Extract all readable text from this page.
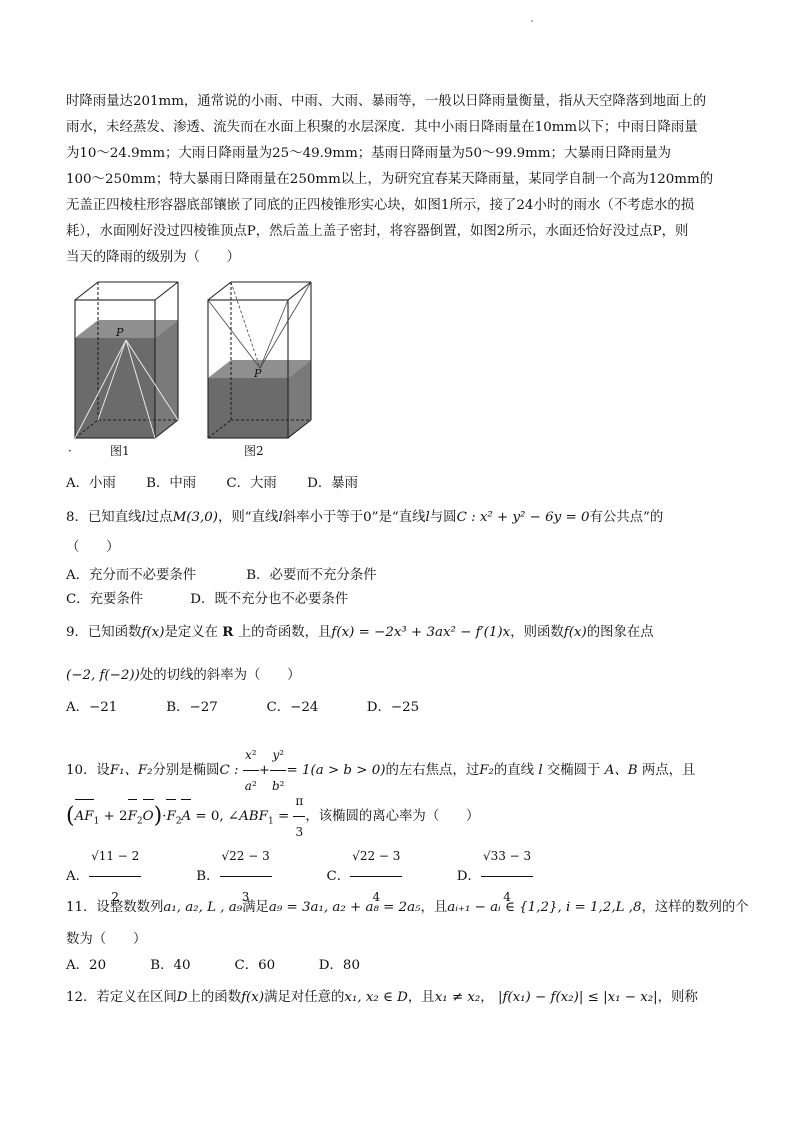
时降雨量达201mm，通常说的小雨、中雨、大雨、暴雨等，一般以日降雨量衡量，指从天空降落到地面上的
雨水，未经蒸发、渗透、流失而在水面上积聚的水层深度．其中小雨日降雨量在10mm以下；中雨日降雨量
为10～24.9mm；大雨日降雨量为25～49.9mm；基雨日降雨量为50～99.9mm；大暴雨日降雨量为
100～250mm；特大暴雨日降雨量在250mm以上，为研究宜春某天降雨量，某同学自制一个高为120mm的
无盖正四棱柱形容器底部镶嵌了同底的正四棱锥形实心块，如图1所示，接了24小时的雨水（不考虑水的损
耗），水面刚好没过四棱锥顶点P，然后盖上盖子密封，将容器倒置，如图2所示，水面还恰好没过点P，则
当天的降雨的级别为（　　）
P
·	图1
P
图2
A．小雨 B．中雨 C．大雨 D．暴雨
8．已知直线l过点M(3,0)，则“直线l斜率小于等于0”是“直线l与圆C : x² + y² − 6y = 0有公共点”的
（　　）
A．充分而不必要条件	B．必要而不充分条件
C．充要条件	D．既不充分也不必要条件
9．已知函数f(x)是定义在 R 上的奇函数，且f(x) = −2x³ + 3ax² − f′(1)x，则函数f(x)的图象在点
(−2, f(−2))处的切线的斜率为（　　）
A．−21	B．−27	C．−24	D．−25
10．设F₁、F₂分别是椭圆C : $\frac{\text{x²}}{\text{a²}} + \frac{\text{y²}}{\text{b²}} = 1(a > b > 0)$的左右焦点，过F₂的直线 l 交椭圆于 A、B 两点，且
$(AF_1 + 2F_2O)\cdot F_2A = 0$, $\angle ABF_1 = \frac{\pi}{3}$ ，该椭圆的离心率为（　　）
A． $\frac{√11 - 2}{2}$	B． $\frac{√22 - 3}{3}$	C． $\frac{√22 - 3}{4}$	D． $\frac{√33 - 3}{4}$
11．设整数数列a₁, a₂, L , a₉满足a₉ = 3a₁, a₂ + a₈ = 2a₅，且aᵢ₊₁ − aᵢ ∈ {1,2}, i = 1,2,L ,8，这样的数列的个
数为（　　）
A．20	B．40	C．60	D．80
12．若定义在区间D上的函数f(x)满足对任意的x₁, x₂ ∈ D，且x₁ ≠ x₂， |f(x₁) − f(x₂)| ≤ |x₁ − x₂|，则称
